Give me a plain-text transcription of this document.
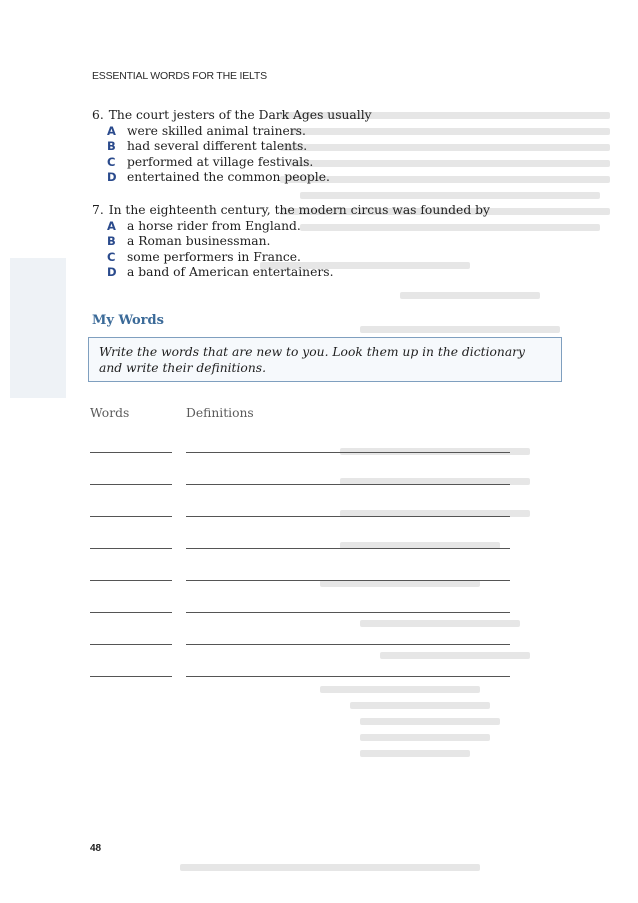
ESSENTIAL WORDS FOR THE IELTS
6. The court jesters of the Dark Ages usually
A were skilled animal trainers.
B had several different talents.
C performed at village festivals.
D entertained the common people.
7. In the eighteenth century, the modern circus was founded by
A a horse rider from England.
B a Roman businessman.
C some performers in France.
D a band of American entertainers.
My Words
Write the words that are new to you. Look them up in the dictionary and write their definitions.
Words	Definitions
48
